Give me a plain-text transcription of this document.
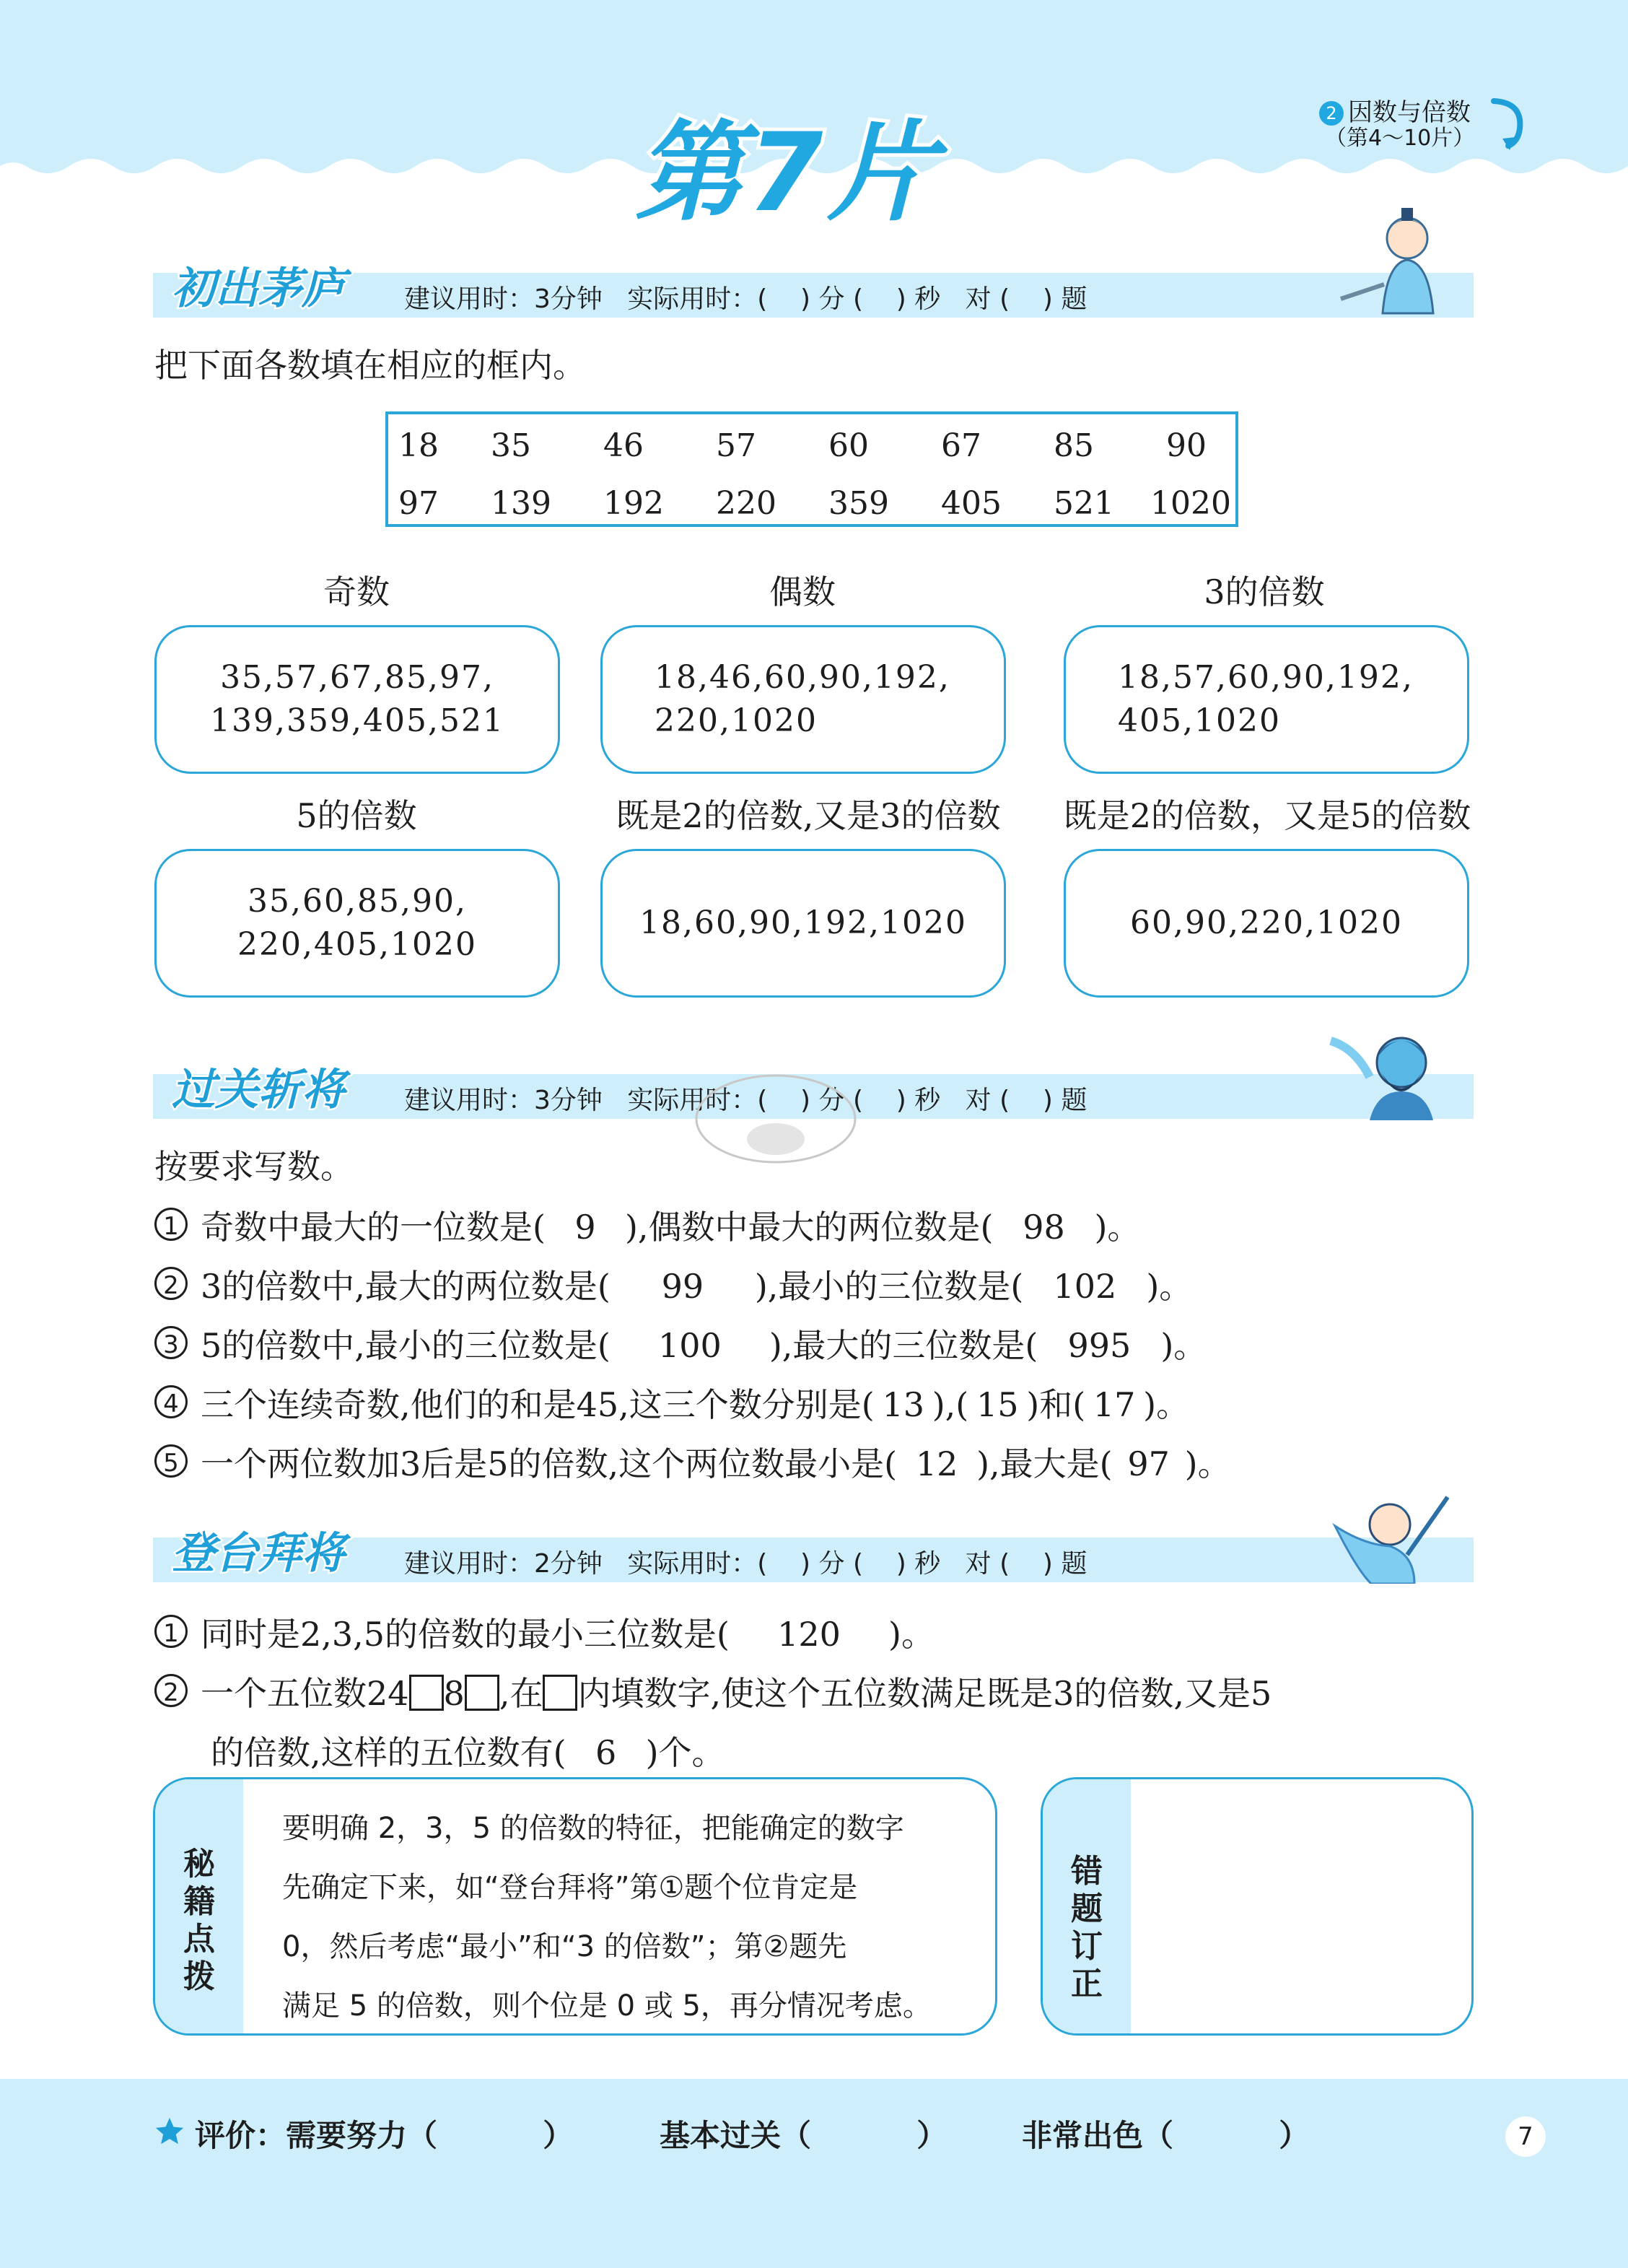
第7片	2 因数与倍数
（第4～10片）
初出茅庐 建议用时：3分钟   实际用时：(    ) 分 (    ) 秒   对 (    ) 题
把下面各数填在相应的框内。
18 35 46 57 60 67 85 90
97 139 192 220 359 405 521 1020
奇数	偶数	3的倍数
35,57,67,85,97,
139,359,405,521
18,46,60,90,192,
220,1020
18,57,60,90,192,
405,1020
5的倍数	既是2的倍数,又是3的倍数	既是2的倍数，又是5的倍数
35,60,85,90,
220,405,1020
18,60,90,192,1020	60,90,220,1020
过关斩将 建议用时：3分钟   实际用时：(    ) 分 (    ) 秒   对 (    ) 题
按要求写数。
1 奇数中最大的一位数是( 9 ),偶数中最大的两位数是( 98 )。
2 3的倍数中,最大的两位数是( 99 ),最小的三位数是( 102 )。
3 5的倍数中,最小的三位数是( 100 ),最大的三位数是( 995 )。
4 三个连续奇数,他们的和是45,这三个数分别是( 13 ),( 15 )和( 17 )。
5 一个两位数加3后是5的倍数,这个两位数最小是( 12 ),最大是( 97 )。
登台拜将 建议用时：2分钟   实际用时：(    ) 分 (    ) 秒   对 (    ) 题
1 同时是2,3,5的倍数的最小三位数是( 120 )。
2 一个五位数24 8 ,在 内填数字,使这个五位数满足既是3的倍数,又是5
的倍数,这样的五位数有( 6 )个。
秘籍点拨
要明确 2，3，5 的倍数的特征，把能确定的数字
先确定下来，如“登台拜将”第①题个位肯定是
0，然后考虑“最小”和“3 的倍数”；第②题先
满足 5 的倍数，则个位是 0 或 5，再分情况考虑。
错题订正
评价：需要努力（          ）	基本过关（          ） 非常出色（          ）	7
